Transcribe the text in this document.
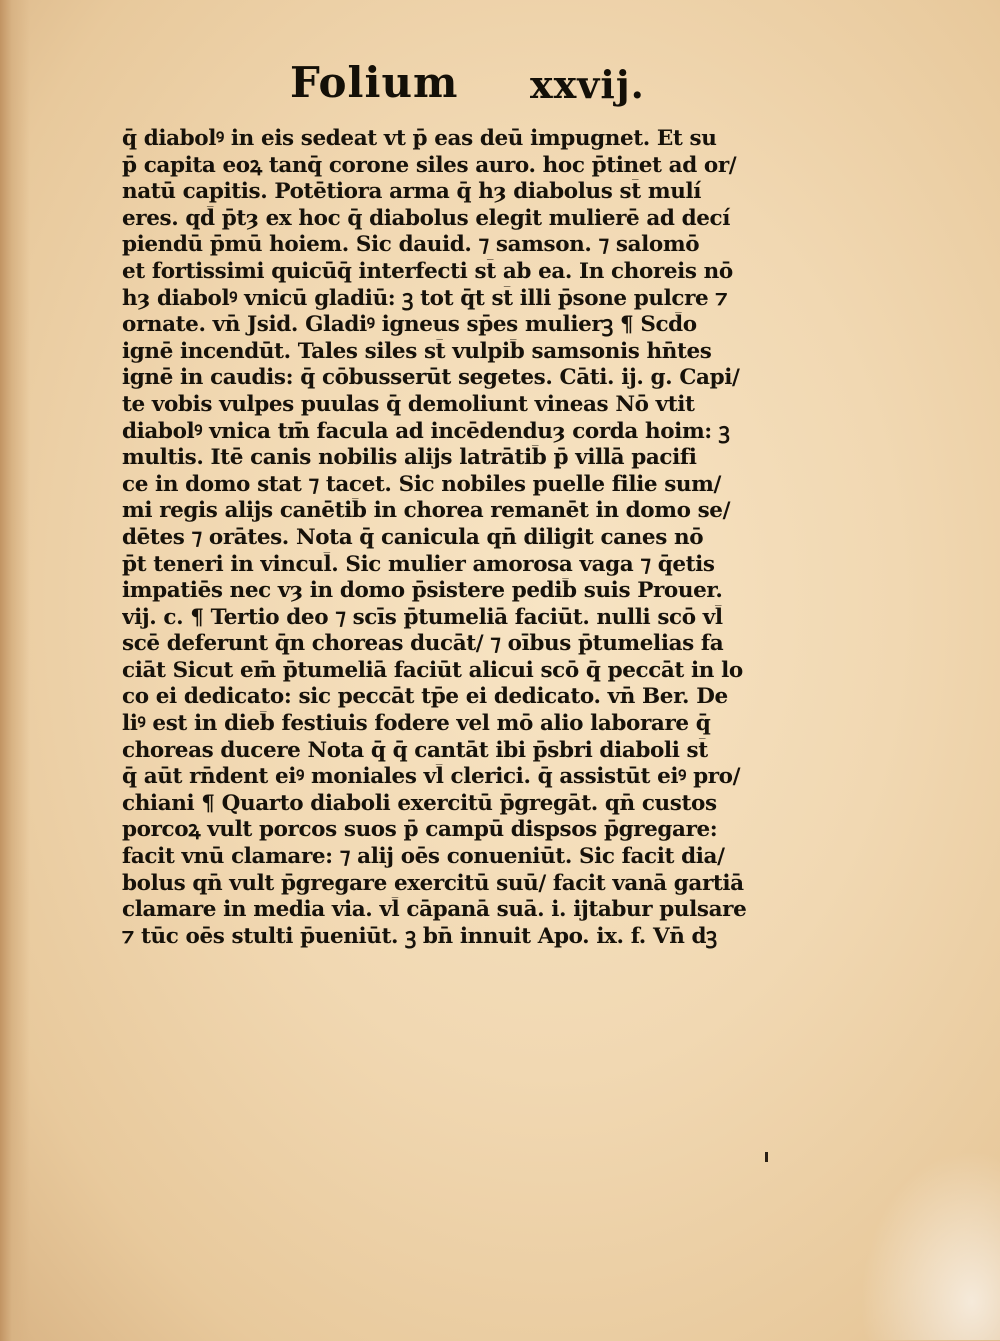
Folium xxvij.
q̄ diabolꝰ in eis sedeat vt p̄ eas deū impugnet. Et su
p̄ capita eoꝝ tanq̄ corone siles auro. hoc p̄tinet ad or/
natū capitis. Potētiora arma q̄ hȝ diabolus st̄ mulí
eres. qd̄ p̄tȝ ex hoc q̄ diabolus elegit mulierē ad decí
piendū p̄mū hoiem. Sic dauid. ⁊ samson. ⁊ salomō
et fortissimi quicūq̄ interfecti st̄ ab ea. In choreis nō
hȝ diabolꝰ vnicū gladiū: ꝫ tot q̄t st̄ illi p̄sone pulcre ⁊
ornate. vn̄ Jsid. Gladiꝰ igneus sp̄es mulierꝫ ¶ Scd̄o
ignē incendūt. Tales siles st̄ vulpib̄ samsonis hn̄tes
ignē in caudis: q̄ cōbusserūt segetes. Cāti. ij. g. Capi/
te vobis vulpes puulas q̄ demoliunt vineas Nō vtit
diabolꝰ vnica tm̄ facula ad incēdenduȝ corda hoim: ꝫ
multis. Itē canis nobilis alijs latrātib̄ p̄ villā pacifi
ce in domo stat ⁊ tacet. Sic nobiles puelle filie sum/
mi regis alijs canētib̄ in chorea remanēt in domo se/
dētes ⁊ orātes. Nota q̄ canicula qn̄ diligit canes nō
p̄t teneri in vincul̄. Sic mulier amorosa vaga ⁊ q̄etis
impatiēs nec vȝ in domo p̄sistere pedib̄ suis Prouer.
vij. c. ¶ Tertio deo ⁊ scīs p̄tumeliā faciūt. nulli scō vl̄
scē deferunt q̄n choreas ducāt/ ⁊ oībus p̄tumelias fa
ciāt Sicut em̄ p̄tumeliā faciūt alicui scō q̄ peccāt in lo
co ei dedicato: sic peccāt tp̄e ei dedicato. vn̄ Ber. De
liꝰ est in dieb̄ festiuis fodere vel mō alio laborare q̄
choreas ducere Nota q̄ q̄ cantāt ibi p̄sbri diaboli st̄
q̄ aūt rn̄dent eiꝰ moniales vl̄ clerici. q̄ assistūt eiꝰ pro/
chiani ¶ Quarto diaboli exercitū p̄gregāt. qn̄ custos
porcoꝝ vult porcos suos p̄ campū dispsos p̄gregare:
facit vnū clamare: ⁊ alij oēs conueniūt. Sic facit dia/
bolus qn̄ vult p̄gregare exercitū suū/ facit vanā gartiā
clamare in media via. vl̄ cāpanā suā. i. ijtabur pulsare
⁊ tūc oēs stulti p̄ueniūt. ꝫ bn̄ innuit Apo. ix. f. Vn̄ dꝫ
